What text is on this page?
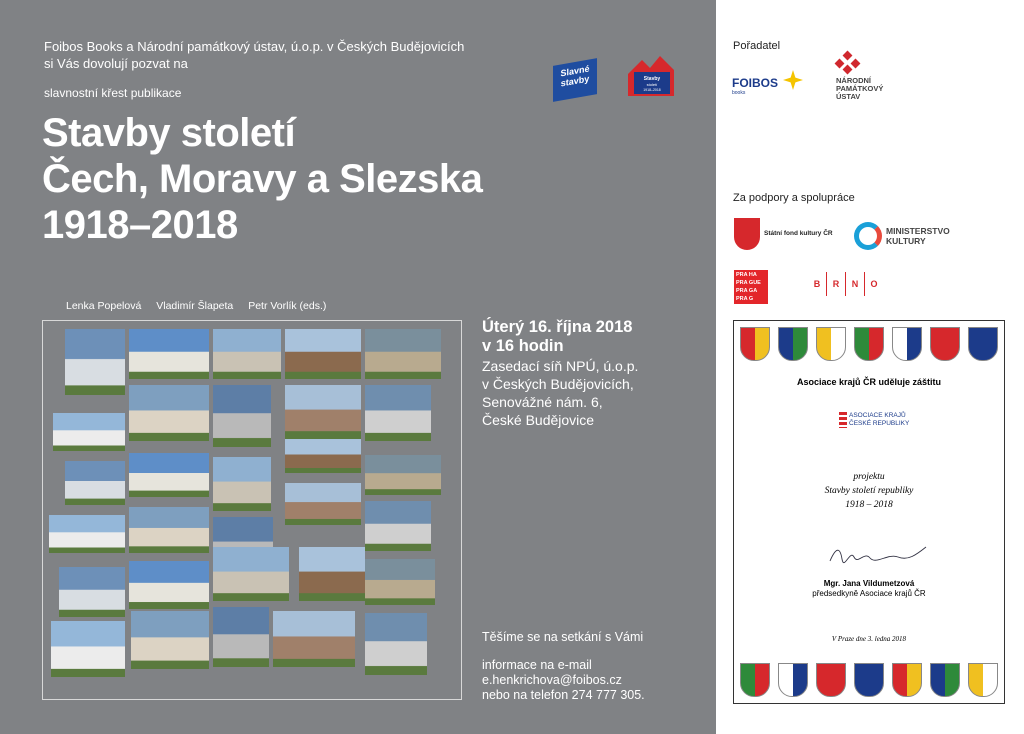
Foibos Books a Národní památkový ústav, ú.o.p. v Českých Budějovicích
si Vás dovolují pozvat na
slavnostní křest publikace
Stavby století
Čech, Moravy a Slezska
1918–2018
Slavné stavby	Stavby
století
1918–2018
Lenka Popelová Vladimír Šlapeta Petr Vorlík (eds.)
Úterý 16. října 2018
v 16 hodin
Zasedací síň NPÚ, ú.o.p.
v Českých Budějovicích,
Senovážné nám. 6,
České Budějovice
Těšíme se na setkání s Vámi
informace na e-mail
e.henkrichova@foibos.cz
nebo na telefon 274 777 305.
Pořadatel
FOIBOS
books
NÁRODNÍ
PAMÁTKOVÝ
ÚSTAV
Za podpory a spolupráce
Státní fond kultury ČR	MINISTERSTVO
KULTURY
PRA HA
PRA GUE
PRA GA
PRA G
B	R	N	O
Asociace krajů ČR uděluje záštitu
ASOCIACE KRAJŮ
ČESKÉ REPUBLIKY
projektu
Stavby století republiky
1918 – 2018
Mgr. Jana Vildumetzová
předsedkyně Asociace krajů ČR
V Praze dne 3. ledna 2018
